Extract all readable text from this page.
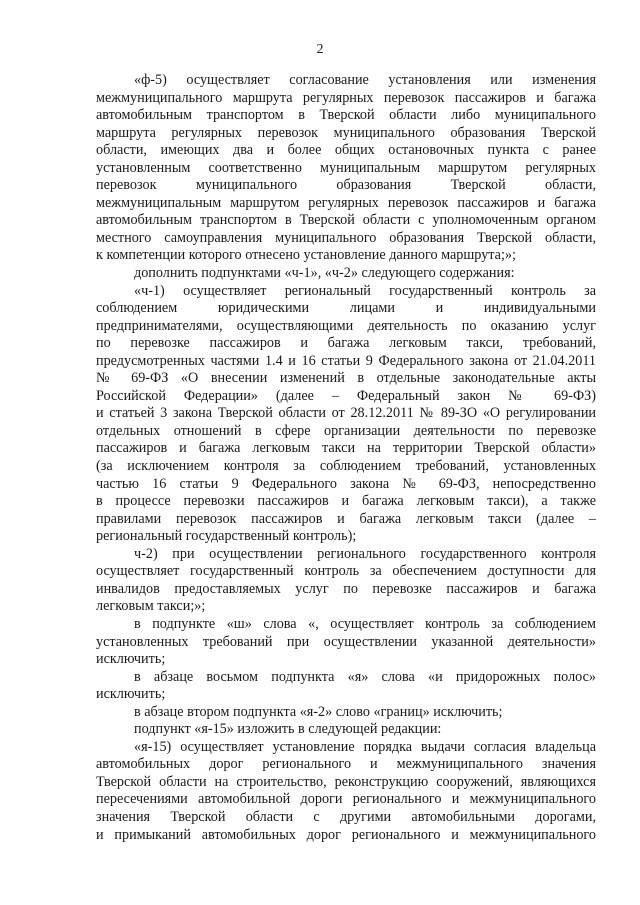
2
«ф-5) осуществляет согласование установления или изменения
межмуниципального маршрута регулярных перевозок пассажиров и багажа
автомобильным транспортом в Тверской области либо муниципального
маршрута регулярных перевозок муниципального образования Тверской
области, имеющих два и более общих остановочных пункта с ранее
установленным соответственно муниципальным маршрутом регулярных
перевозок муниципального образования Тверской области,
межмуниципальным маршрутом регулярных перевозок пассажиров и багажа
автомобильным транспортом в Тверской области с уполномоченным органом
местного самоуправления муниципального образования Тверской области,
к компетенции которого отнесено установление данного маршрута;»;
дополнить подпунктами «ч-1», «ч-2» следующего содержания:
«ч-1) осуществляет региональный государственный контроль за
соблюдением юридическими лицами и индивидуальными
предпринимателями, осуществляющими деятельность по оказанию услуг
по перевозке пассажиров и багажа легковым такси, требований,
предусмотренных частями 1.4 и 16 статьи 9 Федерального закона от 21.04.2011
№ 69-ФЗ «О внесении изменений в отдельные законодательные акты
Российской Федерации» (далее – Федеральный закон № 69-ФЗ)
и статьей 3 закона Тверской области от 28.12.2011 № 89-ЗО «О регулировании
отдельных отношений в сфере организации деятельности по перевозке
пассажиров и багажа легковым такси на территории Тверской области»
(за исключением контроля за соблюдением требований, установленных
частью 16 статьи 9 Федерального закона № 69-ФЗ, непосредственно
в процессе перевозки пассажиров и багажа легковым такси), а также
правилами перевозок пассажиров и багажа легковым такси (далее –
региональный государственный контроль);
ч-2) при осуществлении регионального государственного контроля
осуществляет государственный контроль за обеспечением доступности для
инвалидов предоставляемых услуг по перевозке пассажиров и багажа
легковым такси;»;
в подпункте «ш» слова «, осуществляет контроль за соблюдением
установленных требований при осуществлении указанной деятельности»
исключить;
в абзаце восьмом подпункта «я» слова «и придорожных полос»
исключить;
в абзаце втором подпункта «я-2» слово «границ» исключить;
подпункт «я-15» изложить в следующей редакции:
«я-15) осуществляет установление порядка выдачи согласия владельца
автомобильных дорог регионального и межмуниципального значения
Тверской области на строительство, реконструкцию сооружений, являющихся
пересечениями автомобильной дороги регионального и межмуниципального
значения Тверской области с другими автомобильными дорогами,
и примыканий автомобильных дорог регионального и межмуниципального
